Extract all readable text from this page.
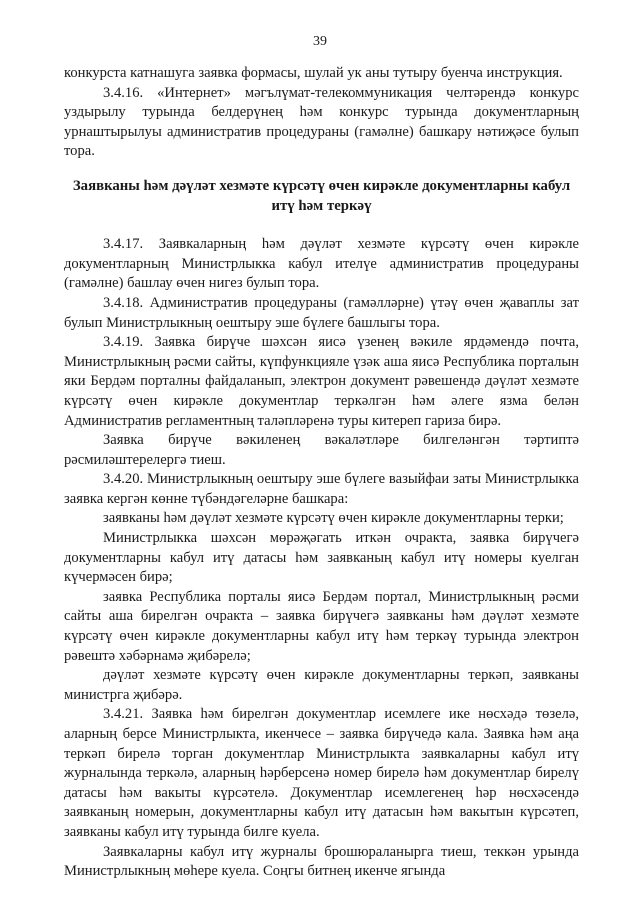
39

конкурста катнашуга заявка формасы, шулай ук аны тутыру буенча инструкция.

3.4.16. «Интернет» мәгълүмат-телекоммуникация челтәрендә конкурс уздырылу турында белдерүнең һәм конкурс турында документларның урнаштырылуы административ процедураны (гамәлне) башкару нәтиҗәсе булып тора.

Заявканы һәм дәүләт хезмәте күрсәтү өчен кирәкле документларны кабул итү һәм теркәү

3.4.17. Заявкаларның һәм дәүләт хезмәте күрсәтү өчен кирәкле документларның Министрлыкка кабул ителүе административ процедураны (гамәлне) башлау өчен нигез булып тора.

3.4.18. Административ процедураны (гамәлләрне) үтәү өчен җаваплы зат булып Министрлыкның оештыру эше бүлеге башлыгы тора.

3.4.19. Заявка бирүче шәхсән яисә үзенең вәкиле ярдәмендә почта, Министрлыкның рәсми сайты, күпфункцияле үзәк аша яисә Республика порталын яки Бердәм порталны файдаланып, электрон документ рәвешендә дәүләт хезмәте күрсәтү өчен кирәкле документлар теркәлгән һәм әлеге язма белән Административ регламентның таләпләренә туры китереп гариза бирә.

Заявка бирүче вәкиленең вәкаләтләре билгеләнгән тәртиптә рәсмиләштерелергә тиеш.

3.4.20. Министрлыкның оештыру эше бүлеге вазыйфаи заты Министрлыкка заявка кергән көнне түбәндәгеләрне башкара:

заявканы һәм дәүләт хезмәте күрсәтү өчен кирәкле документларны терки;

Министрлыкка шәхсән мөрәҗәгать иткән очракта, заявка бирүчегә документларны кабул итү датасы һәм заявканың кабул итү номеры куелган күчермәсен бирә;

заявка Республика порталы яисә Бердәм портал, Министрлыкның рәсми сайты аша бирелгән очракта – заявка бирүчегә заявканы һәм дәүләт хезмәте күрсәтү өчен кирәкле документларны кабул итү һәм теркәү турында электрон рәвештә хәбәрнамә җибәрелә;

дәүләт хезмәте күрсәтү өчен кирәкле документларны теркәп, заявканы министрга җибәрә.

3.4.21. Заявка һәм бирелгән документлар исемлеге ике нөсхәдә төзелә, аларның берсе Министрлыкта, икенчесе – заявка бирүчедә кала. Заявка һәм аңа теркәп бирелә торган документлар Министрлыкта заявкаларны кабул итү журналында теркәлә, аларның һәрберсенә номер бирелә һәм документлар бирелү датасы һәм вакыты күрсәтелә. Документлар исемлегенең һәр нөсхәсендә заявканың номерын, документларны кабул итү датасын һәм вакытын күрсәтеп, заявканы кабул итү турында билге куела.

Заявкаларны кабул итү журналы брошюраланырга тиеш, теккән урында Министрлыкның мөһере куела. Соңгы битнең икенче ягында
